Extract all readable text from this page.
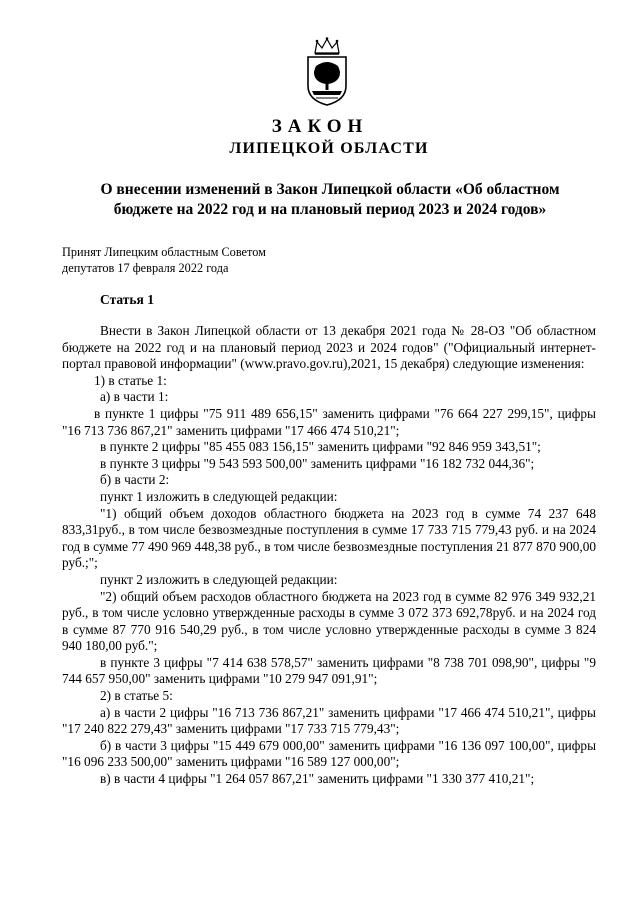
ЗАКОН
ЛИПЕЦКОЙ ОБЛАСТИ
О внесении изменений в Закон Липецкой области «Об областном бюджете на 2022 год и на плановый период 2023 и 2024 годов»
Принят Липецким областным Советом
депутатов 17 февраля 2022 года
Статья 1

Внести в Закон Липецкой области от 13 декабря 2021 года № 28-ОЗ "Об областном бюджете на 2022 год и на плановый период 2023 и 2024 годов" ("Официальный интернет-портал правовой информации" (www.pravo.gov.ru),2021, 15 декабря) следующие изменения:

1) в статье 1:

а) в части 1:

в пункте 1 цифры "75 911 489 656,15" заменить цифрами "76 664 227 299,15", цифры "16 713 736 867,21" заменить цифрами "17 466 474 510,21";

в пункте 2 цифры "85 455 083 156,15" заменить цифрами "92 846 959 343,51";

в пункте 3 цифры "9 543 593 500,00" заменить цифрами "16 182 732 044,36";

б) в части 2:

пункт 1 изложить в следующей редакции:

"1) общий объем доходов областного бюджета на 2023 год в сумме 74 237 648 833,31руб., в том числе безвозмездные поступления в сумме 17 733 715 779,43 руб. и на 2024 год в сумме 77 490 969 448,38 руб., в том числе безвозмездные поступления 21 877 870 900,00 руб.;";

пункт 2 изложить в следующей редакции:

"2) общий объем расходов областного бюджета на 2023 год в сумме 82 976 349 932,21 руб., в том числе условно утвержденные расходы в сумме 3 072 373 692,78руб. и на 2024 год в сумме 87 770 916 540,29 руб., в том числе условно утвержденные расходы в сумме 3 824 940 180,00 руб.";

в пункте 3 цифры "7 414 638 578,57" заменить цифрами "8 738 701 098,90", цифры "9 744 657 950,00" заменить цифрами "10 279 947 091,91";

2) в статье 5:

а) в части 2 цифры "16 713 736 867,21" заменить цифрами "17 466 474 510,21", цифры "17 240 822 279,43" заменить цифрами "17 733 715 779,43";

б) в части 3 цифры "15 449 679 000,00" заменить цифрами "16 136 097 100,00", цифры "16 096 233 500,00" заменить цифрами "16 589 127 000,00";

в) в части 4 цифры "1 264 057 867,21" заменить цифрами "1 330 377 410,21";
